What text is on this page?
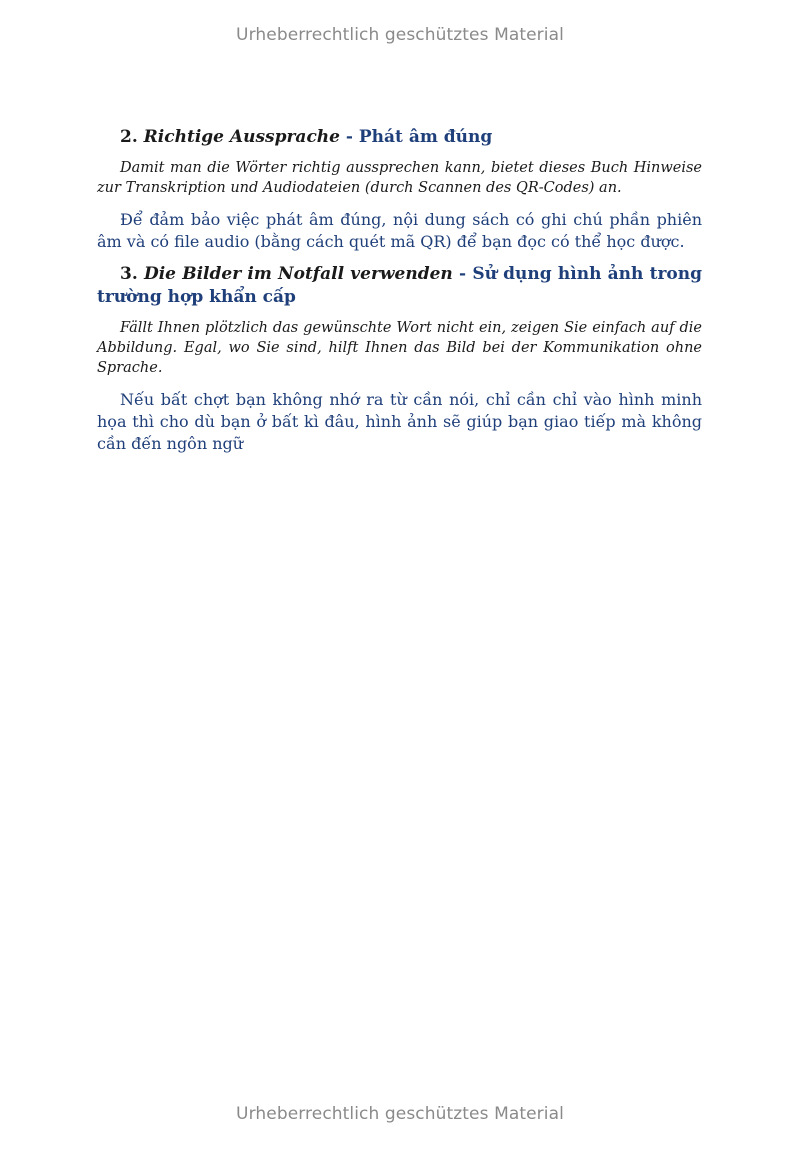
Urheberrechtlich geschütztes Material

2. Richtige Aussprache - Phát âm đúng

Damit man die Wörter richtig aussprechen kann, bietet dieses Buch Hinweise zur Transkription und Audiodateien (durch Scannen des QR-Codes) an.

Để đảm bảo việc phát âm đúng, nội dung sách có ghi chú phần phiên âm và có file audio (bằng cách quét mã QR) để bạn đọc có thể học được.

3. Die Bilder im Notfall verwenden - Sử dụng hình ảnh trong trường hợp khẩn cấp

Fällt Ihnen plötzlich das gewünschte Wort nicht ein, zeigen Sie einfach auf die Abbildung. Egal, wo Sie sind, hilft Ihnen das Bild bei der Kommunikation ohne Sprache.

Nếu bất chợt bạn không nhớ ra từ cần nói, chỉ cần chỉ vào hình minh họa thì cho dù bạn ở bất kì đâu, hình ảnh sẽ giúp bạn giao tiếp mà không cần đến ngôn ngữ

Urheberrechtlich geschütztes Material
